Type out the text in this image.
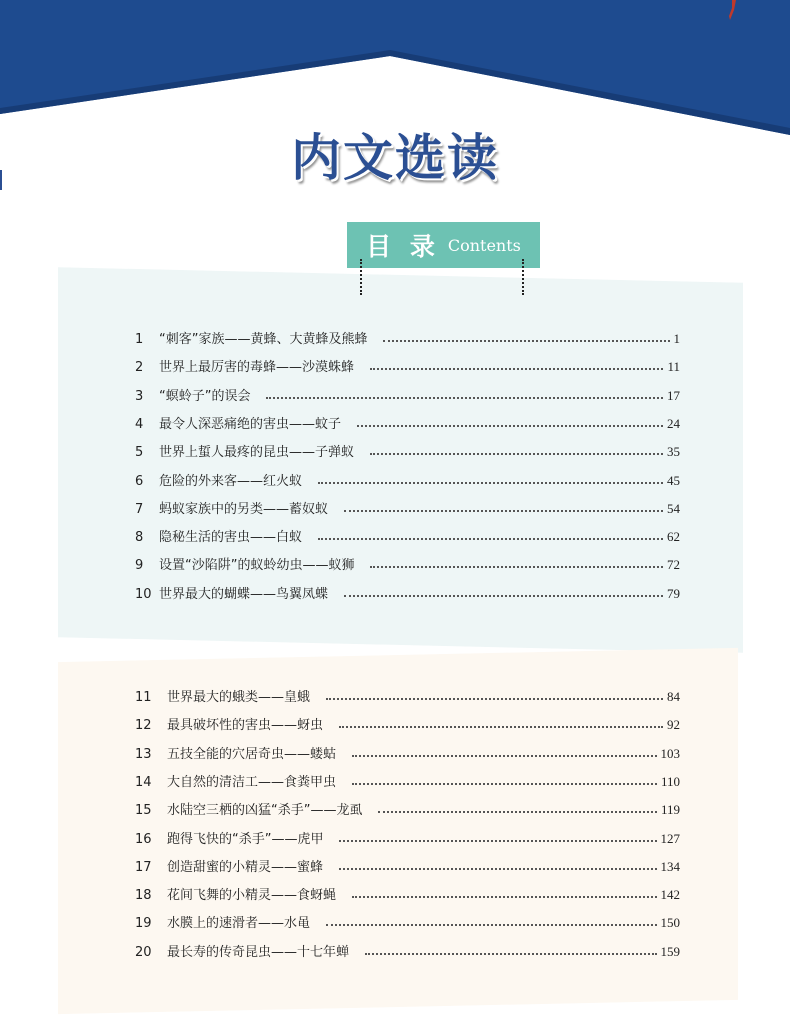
内文选读
目 录 Contents
1	“刺客”家族——黄蜂、大黄蜂及熊蜂	1
2	世界上最厉害的毒蜂——沙漠蛛蜂	11
3	“螟蛉子”的误会	17
4	最令人深恶痛绝的害虫——蚊子	24
5	世界上蜇人最疼的昆虫——子弹蚁	35
6	危险的外来客——红火蚁	45
7	蚂蚁家族中的另类——蓄奴蚁	54
8	隐秘生活的害虫——白蚁	62
9	设置“沙陷阱”的蚁蛉幼虫——蚁狮	72
10 世界最大的蝴蝶——鸟翼凤蝶	79
11	世界最大的蛾类——皇蛾	84
12	最具破坏性的害虫——蚜虫	92
13	五技全能的穴居奇虫——蝼蛄	103
14	大自然的清洁工——食粪甲虫	110
15	水陆空三栖的凶猛“杀手”——龙虱	119
16	跑得飞快的“杀手”——虎甲	127
17	创造甜蜜的小精灵——蜜蜂	134
18	花间飞舞的小精灵——食蚜蝇	142
19	水膜上的速滑者——水黾	150
20	最长寿的传奇昆虫——十七年蝉	159
